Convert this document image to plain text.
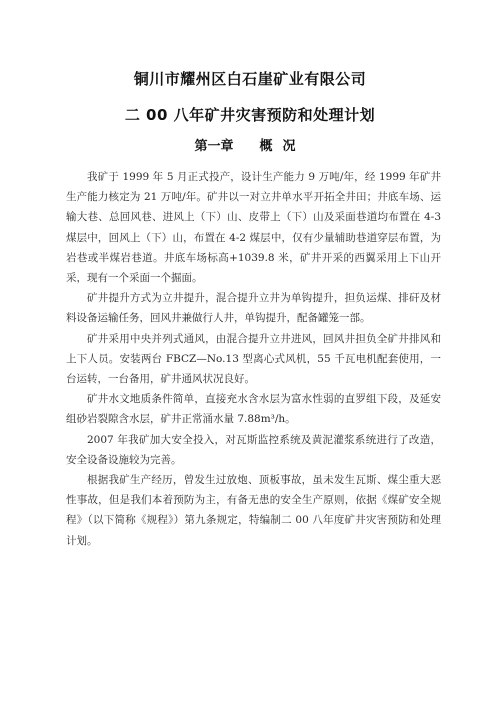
铜川市耀州区白石崖矿业有限公司
二 00 八年矿井灾害预防和处理计划
第一章 概况

我矿于 1999 年 5 月正式投产，设计生产能力 9 万吨/年，经 1999 年矿井生产能力核定为 21 万吨/年。矿井以一对立井单水平开拓全井田；井底车场、运输大巷、总回风巷、进风上（下）山、皮带上（下）山及采面巷道均布置在 4-3 煤层中，回风上（下）山，布置在 4-2 煤层中，仅有少量辅助巷道穿层布置，为岩巷或半煤岩巷道。井底车场标高+1039.8 米，矿井开采的西翼采用上下山开采，现有一个采面一个掘面。

矿井提升方式为立井提升，混合提升立井为单钩提升，担负运煤、排矸及材料设备运输任务，回风井兼做行人井，单钩提升，配备罐笼一部。

矿井采用中央并列式通风，由混合提升立井进风，回风井担负全矿井排风和上下人员。安装两台 FBCZ—No.13 型离心式风机，55 千瓦电机配套使用，一台运转，一台备用，矿井通风状况良好。

矿井水文地质条件简单，直接充水含水层为富水性弱的直罗组下段，及延安组砂岩裂隙含水层，矿井正常涌水量 7.88m³/h。

2007 年我矿加大安全投入，对瓦斯监控系统及黄泥灌浆系统进行了改造，安全设备设施较为完善。

根据我矿生产经历，曾发生过放炮、顶板事故，虽未发生瓦斯、煤尘重大恶性事故，但是我们本着预防为主，有备无患的安全生产原则，依据《煤矿安全规程》（以下简称《规程》）第九条规定，特编制二 00 八年度矿井灾害预防和处理计划。
